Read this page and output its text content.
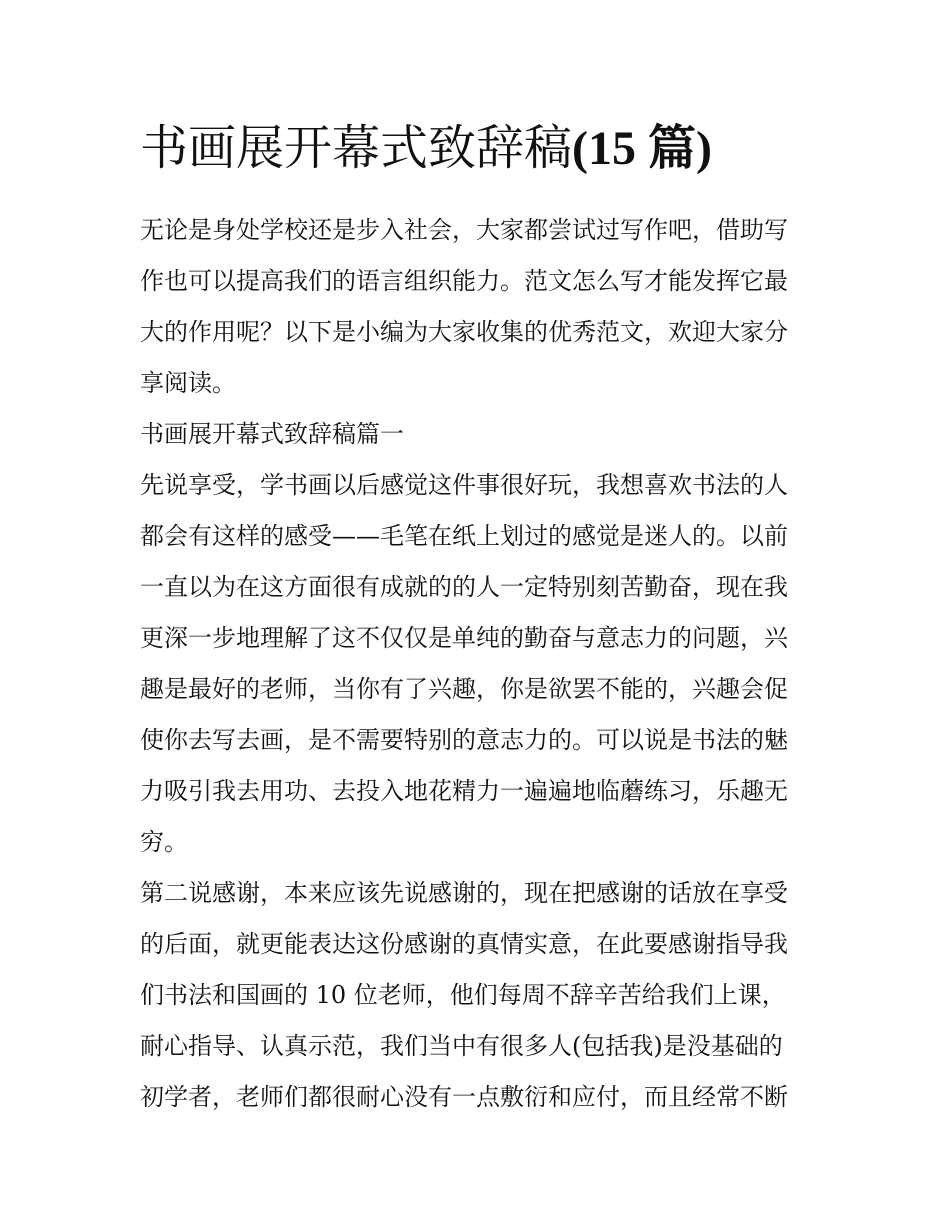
书画展开幕式致辞稿(15 篇)
无论是身处学校还是步入社会，大家都尝试过写作吧，借助写
作也可以提高我们的语言组织能力。范文怎么写才能发挥它最
大的作用呢？以下是小编为大家收集的优秀范文，欢迎大家分
享阅读。
书画展开幕式致辞稿篇一
先说享受，学书画以后感觉这件事很好玩，我想喜欢书法的人
都会有这样的感受——毛笔在纸上划过的感觉是迷人的。以前
一直以为在这方面很有成就的的人一定特别刻苦勤奋，现在我
更深一步地理解了这不仅仅是单纯的勤奋与意志力的问题，兴
趣是最好的老师，当你有了兴趣，你是欲罢不能的，兴趣会促
使你去写去画，是不需要特别的意志力的。可以说是书法的魅
力吸引我去用功、去投入地花精力一遍遍地临蘑练习，乐趣无
穷。
第二说感谢，本来应该先说感谢的，现在把感谢的话放在享受
的后面，就更能表达这份感谢的真情实意，在此要感谢指导我
们书法和国画的 10 位老师，他们每周不辞辛苦给我们上课，
耐心指导、认真示范，我们当中有很多人(包括我)是没基础的
初学者，老师们都很耐心没有一点敷衍和应付，而且经常不断
